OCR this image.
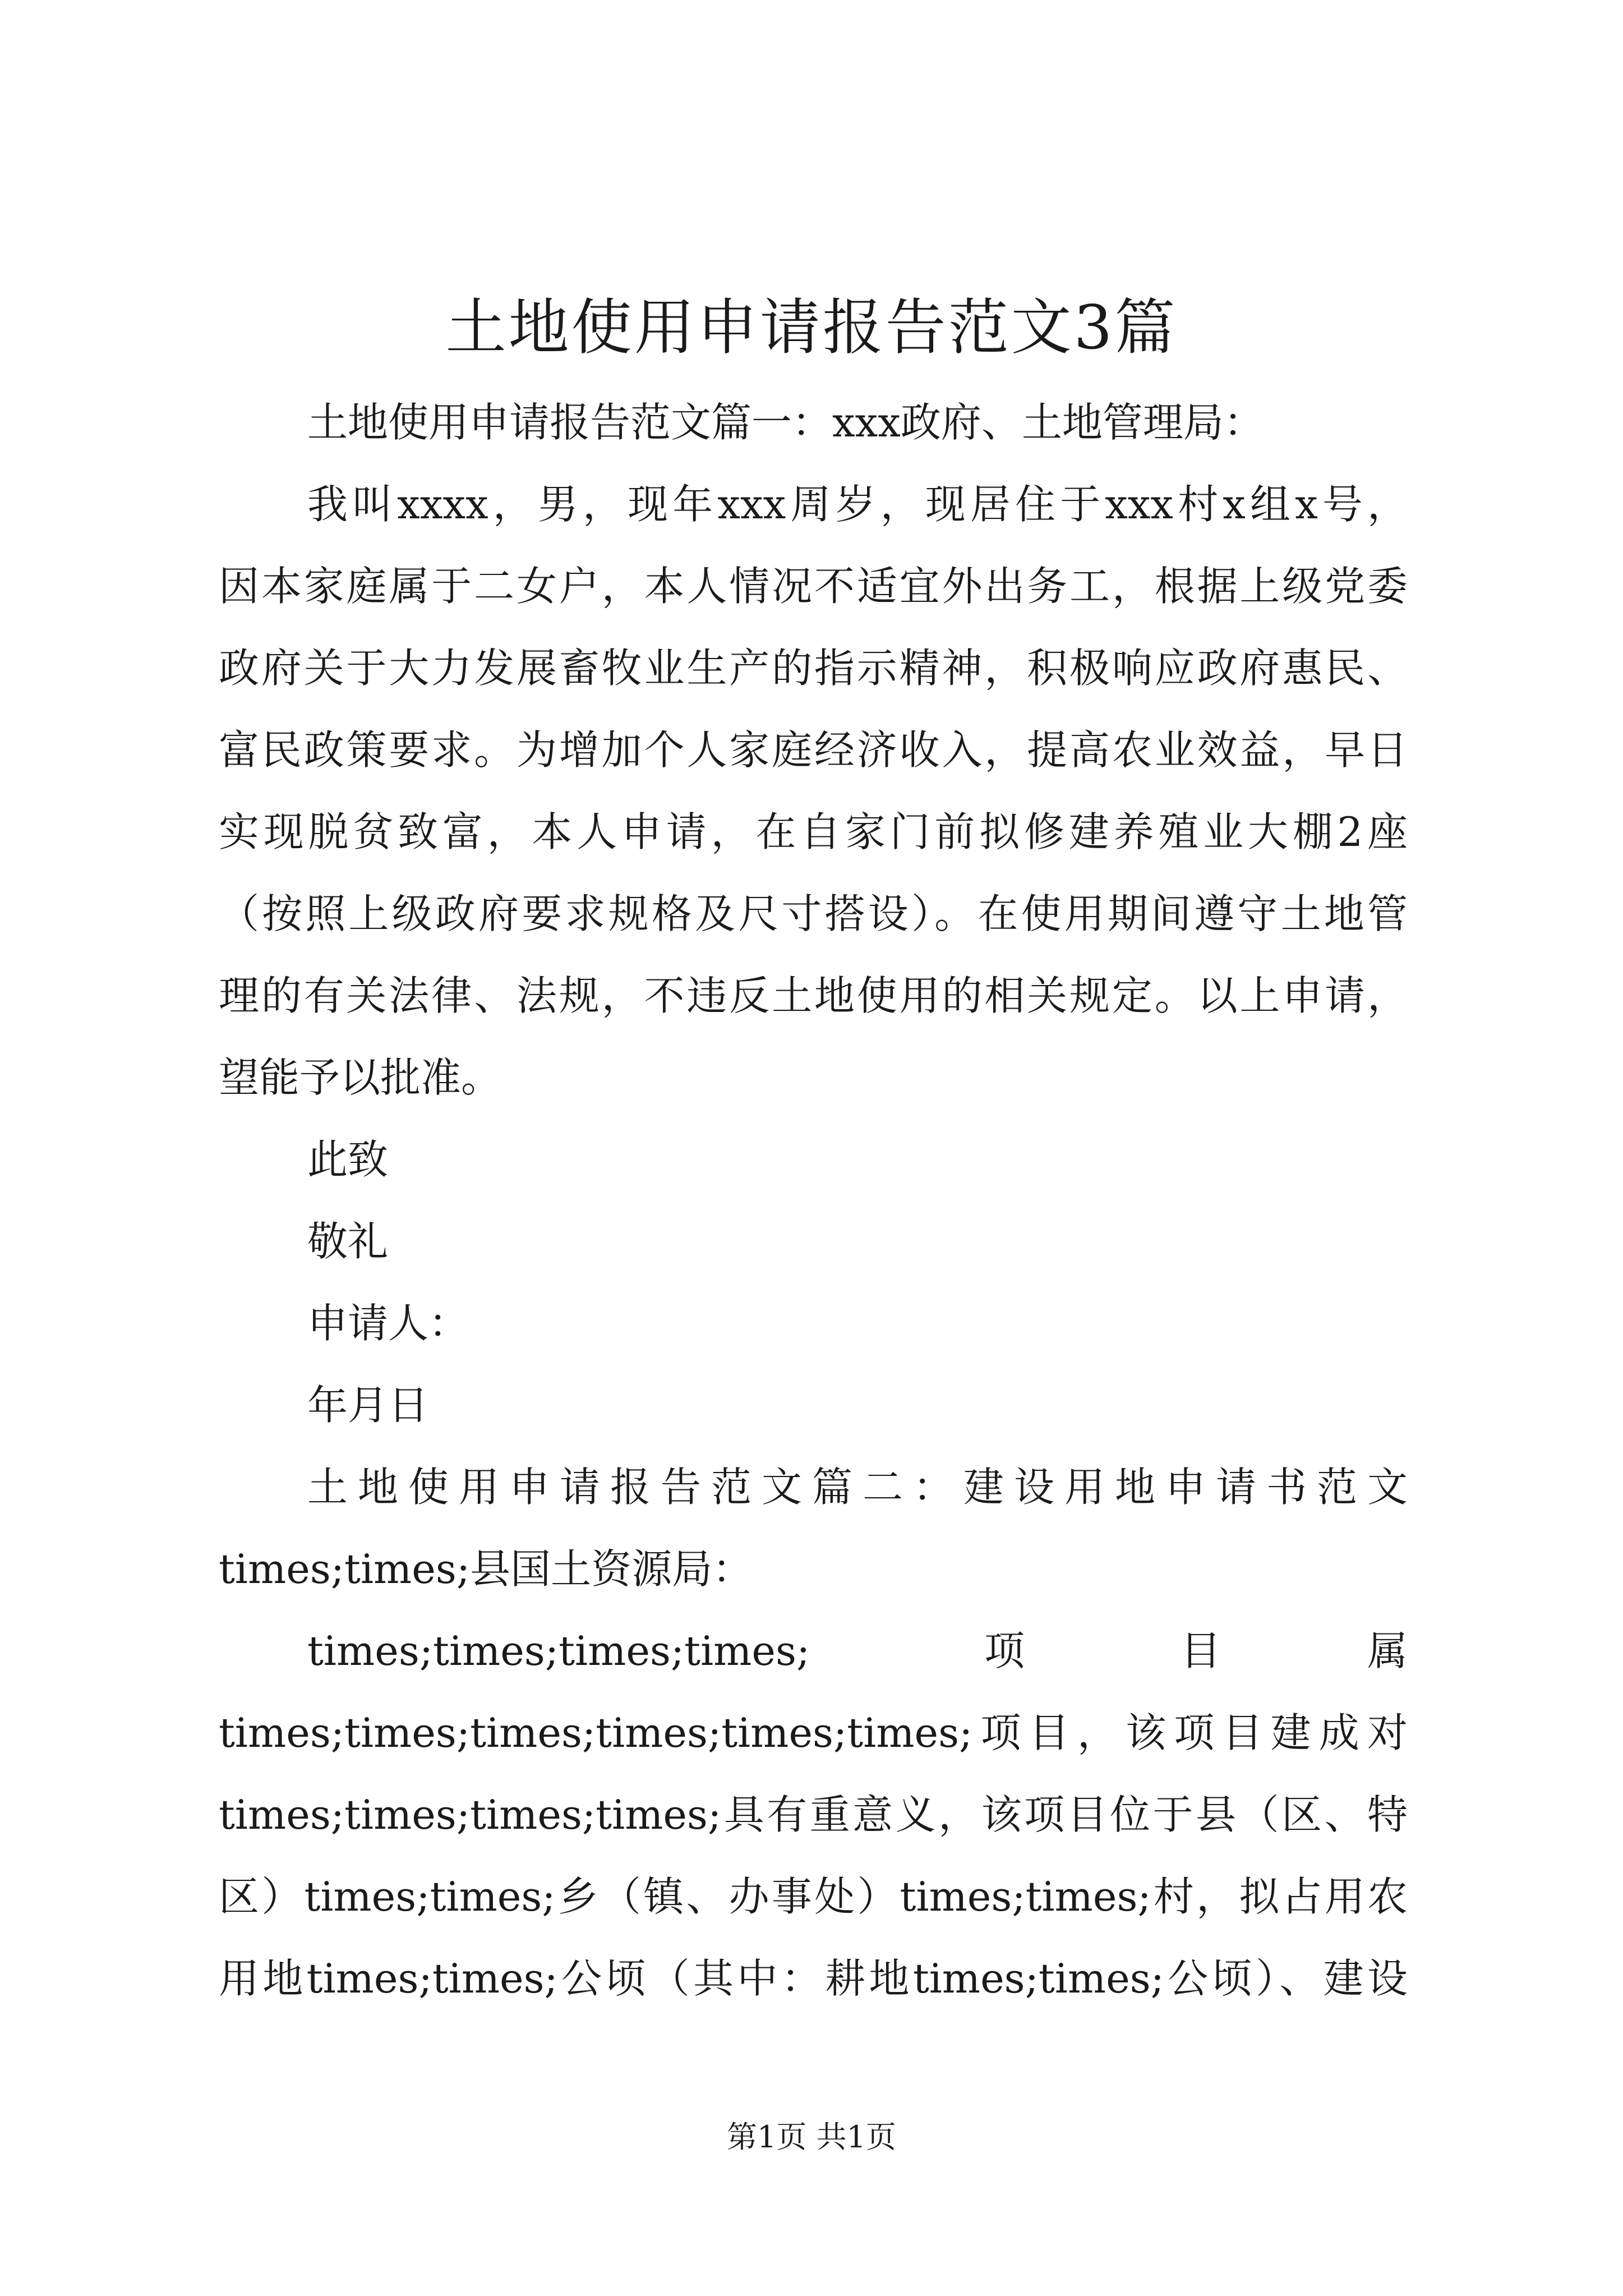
土地使用申请报告范文3篇
土地使用申请报告范文篇一：xxx政府、土地管理局：
我叫xxxx，男，现年xxx周岁，现居住于xxx村x组x号，
因本家庭属于二女户，本人情况不适宜外出务工，根据上级党委
政府关于大力发展畜牧业生产的指示精神，积极响应政府惠民、
富民政策要求。为增加个人家庭经济收入，提高农业效益，早日
实现脱贫致富，本人申请，在自家门前拟修建养殖业大棚2座
（按照上级政府要求规格及尺寸搭设）。在使用期间遵守土地管
理的有关法律、法规，不违反土地使用的相关规定。以上申请，
望能予以批准。
此致
敬礼
申请人：
年月日
土地使用申请报告范文篇二：建设用地申请书范文
times;times;县国土资源局：
times;times;times;times;	项	目	属
times;times;times;times;times;times;项目，该项目建成对
times;times;times;times;具有重意义，该项目位于县（区、特
区）times;times;乡（镇、办事处）times;times;村，拟占用农
用地times;times;公顷（其中：耕地times;times;公顷）、建设
第1页 共1页
